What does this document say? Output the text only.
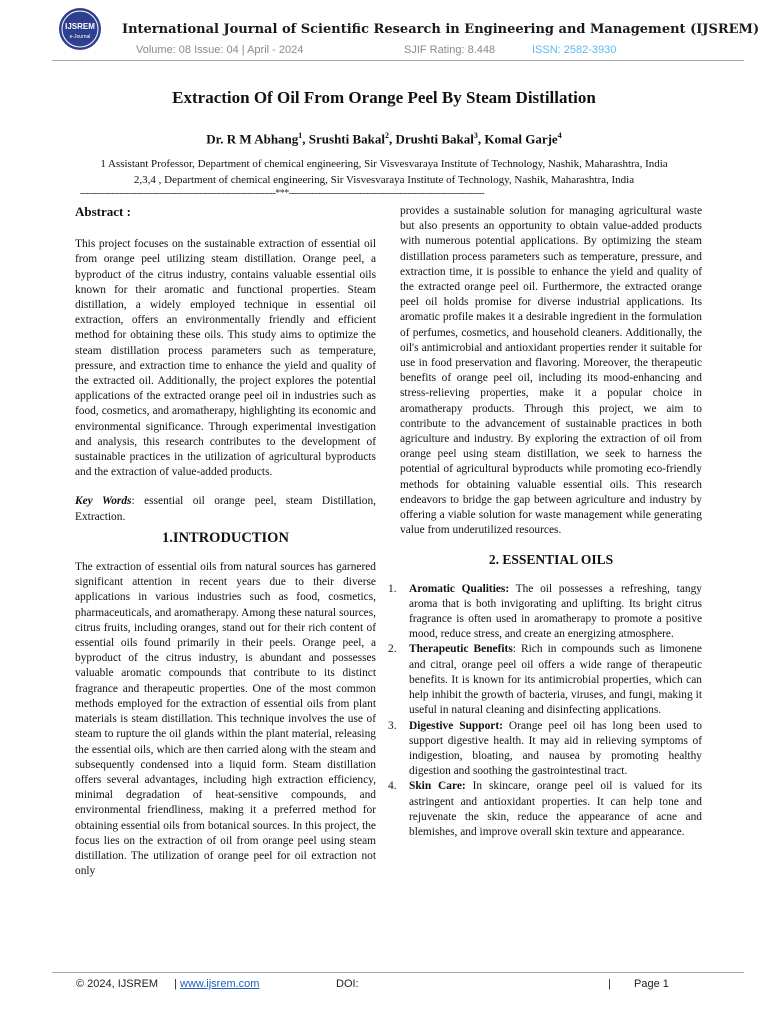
IJSREM
e-Journal International Journal of Scientific Research in Engineering and Management (IJSREM)
Volume: 08 Issue: 04 | April - 2024	SJIF Rating: 8.448	ISSN: 2582-3930
Extraction Of Oil From Orange Peel By Steam Distillation
Dr. R M Abhang$^1$, Srushti Bakal$^2$, Drushti Bakal$^3$, Komal Garje$^4$
1 Assistant Professor, Department of chemical engineering, Sir Visvesvaraya Institute of Technology, Nashik, Maharashtra, India
2,3,4 , Department of chemical engineering, Sir Visvesvaraya Institute of Technology, Nashik, Maharashtra, India
---------------------------------------------------------------------***---------------------------------------------------------------------

Abstract :

This project focuses on the sustainable extraction of essential oil from orange peel utilizing steam distillation. Orange peel, a byproduct of the citrus industry, contains valuable essential oils known for their aromatic and functional properties. Steam distillation, a widely employed technique in essential oil extraction, offers an environmentally friendly and efficient method for obtaining these oils. This study aims to optimize the steam distillation process parameters such as temperature, pressure, and extraction time to enhance the yield and quality of the extracted oil. Additionally, the project explores the potential applications of the extracted orange peel oil in industries such as food, cosmetics, and aromatherapy, highlighting its economic and environmental significance. Through experimental investigation and analysis, this research contributes to the development of sustainable practices in the utilization of agricultural byproducts and the extraction of value-added products.

Key Words: essential oil orange peel, steam Distillation, Extraction.

1.INTRODUCTION

The extraction of essential oils from natural sources has garnered significant attention in recent years due to their diverse applications in various industries such as food, cosmetics, pharmaceuticals, and aromatherapy. Among these natural sources, citrus fruits, including oranges, stand out for their rich content of essential oils found primarily in their peels. Orange peel, a byproduct of the citrus industry, is abundant and possesses valuable aromatic compounds that contribute to its distinct fragrance and therapeutic properties. One of the most common methods employed for the extraction of essential oils from plant materials is steam distillation. This technique involves the use of steam to rupture the oil glands within the plant material, releasing the essential oils, which are then carried along with the steam and subsequently condensed into a liquid form. Steam distillation offers several advantages, including high extraction efficiency, minimal degradation of heat-sensitive compounds, and environmental friendliness, making it a preferred method for obtaining essential oils from botanical sources. In this project, the focus lies on the extraction of oil from orange peel using steam distillation. The utilization of orange peel for oil extraction not only

provides a sustainable solution for managing agricultural waste but also presents an opportunity to obtain value-added products with numerous potential applications. By optimizing the steam distillation process parameters such as temperature, pressure, and extraction time, it is possible to enhance the yield and quality of the extracted orange peel oil. Furthermore, the extracted orange peel oil holds promise for diverse industrial applications. Its aromatic profile makes it a desirable ingredient in the formulation of perfumes, cosmetics, and household cleaners. Additionally, the oil's antimicrobial and antioxidant properties render it suitable for use in food preservation and flavoring. Moreover, the therapeutic benefits of orange peel oil, including its mood-enhancing and stress-relieving properties, make it a popular choice in aromatherapy products. Through this project, we aim to contribute to the advancement of sustainable practices in both agriculture and industry. By exploring the extraction of oil from orange peel using steam distillation, we seek to harness the potential of agricultural byproducts while promoting eco-friendly methods for obtaining valuable essential oils. This research endeavors to bridge the gap between agriculture and industry by offering a viable solution for waste management while generating value from underutilized resources.

2. ESSENTIAL OILS

1. Aromatic Qualities: The oil possesses a refreshing, tangy aroma that is both invigorating and uplifting. Its bright citrus fragrance is often used in aromatherapy to promote a positive mood, reduce stress, and create an energizing atmosphere.
2. Therapeutic Benefits: Rich in compounds such as limonene and citral, orange peel oil offers a wide range of therapeutic benefits. It is known for its antimicrobial properties, which can help inhibit the growth of bacteria, viruses, and fungi, making it useful in natural cleaning and disinfecting applications.
3. Digestive Support: Orange peel oil has long been used to support digestive health. It may aid in relieving symptoms of indigestion, bloating, and nausea by promoting healthy digestion and soothing the gastrointestinal tract.
4. Skin Care: In skincare, orange peel oil is valued for its astringent and antioxidant properties. It can help tone and rejuvenate the skin, reduce the appearance of acne and blemishes, and improve overall skin texture and appearance.
© 2024, IJSREM | www.ijsrem.com	DOI:	| Page 1
